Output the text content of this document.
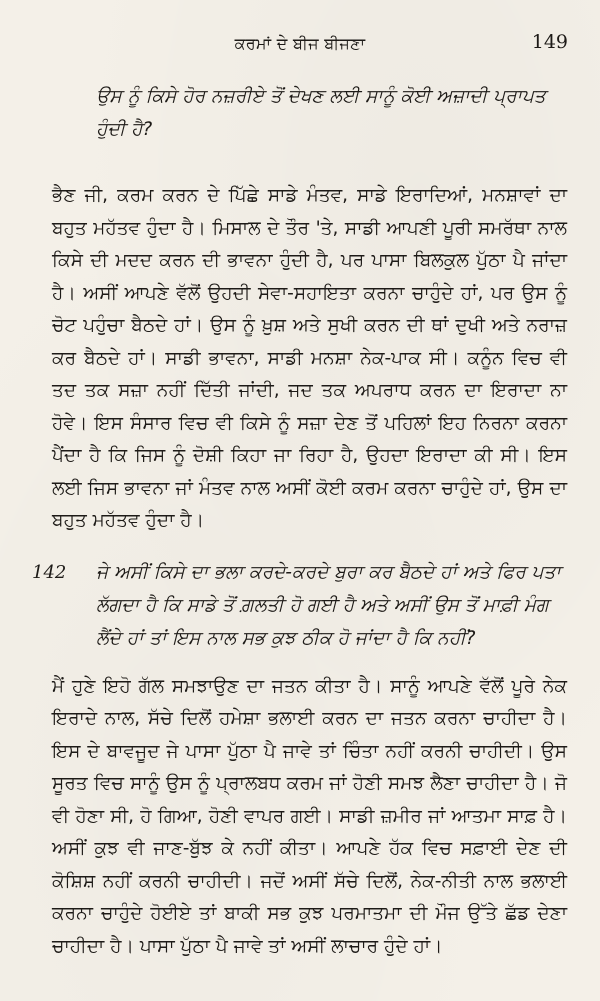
ਕਰਮਾਂ ਦੇ ਬੀਜ ਬੀਜਣਾ	149
ਉਸ ਨੂੰ ਕਿਸੇ ਹੋਰ ਨਜ਼ਰੀਏ ਤੋਂ ਦੇਖਣ ਲਈ ਸਾਨੂੰ ਕੋਈ ਅਜ਼ਾਦੀ ਪ੍ਰਾਪਤ ਹੁੰਦੀ ਹੈ?

ਭੈਣ ਜੀ, ਕਰਮ ਕਰਨ ਦੇ ਪਿੱਛੇ ਸਾਡੇ ਮੰਤਵ, ਸਾਡੇ ਇਰਾਦਿਆਂ, ਮਨਸ਼ਾਵਾਂ ਦਾ ਬਹੁਤ ਮਹੱਤਵ ਹੁੰਦਾ ਹੈ। ਮਿਸਾਲ ਦੇ ਤੌਰ 'ਤੇ, ਸਾਡੀ ਆਪਣੀ ਪੂਰੀ ਸਮਰੱਥਾ ਨਾਲ ਕਿਸੇ ਦੀ ਮਦਦ ਕਰਨ ਦੀ ਭਾਵਨਾ ਹੁੰਦੀ ਹੈ, ਪਰ ਪਾਸਾ ਬਿਲਕੁਲ ਪੁੱਠਾ ਪੈ ਜਾਂਦਾ ਹੈ। ਅਸੀਂ ਆਪਣੇ ਵੱਲੋਂ ਉਹਦੀ ਸੇਵਾ-ਸਹਾਇਤਾ ਕਰਨਾ ਚਾਹੁੰਦੇ ਹਾਂ, ਪਰ ਉਸ ਨੂੰ ਚੋਟ ਪਹੁੰਚਾ ਬੈਠਦੇ ਹਾਂ। ਉਸ ਨੂੰ ਖ਼ੁਸ਼ ਅਤੇ ਸੁਖੀ ਕਰਨ ਦੀ ਥਾਂ ਦੁਖੀ ਅਤੇ ਨਰਾਜ਼ ਕਰ ਬੈਠਦੇ ਹਾਂ। ਸਾਡੀ ਭਾਵਨਾ, ਸਾਡੀ ਮਨਸ਼ਾ ਨੇਕ-ਪਾਕ ਸੀ। ਕਨੂੰਨ ਵਿਚ ਵੀ ਤਦ ਤਕ ਸਜ਼ਾ ਨਹੀਂ ਦਿੱਤੀ ਜਾਂਦੀ, ਜਦ ਤਕ ਅਪਰਾਧ ਕਰਨ ਦਾ ਇਰਾਦਾ ਨਾ ਹੋਵੇ। ਇਸ ਸੰਸਾਰ ਵਿਚ ਵੀ ਕਿਸੇ ਨੂੰ ਸਜ਼ਾ ਦੇਣ ਤੋਂ ਪਹਿਲਾਂ ਇਹ ਨਿਰਨਾ ਕਰਨਾ ਪੈਂਦਾ ਹੈ ਕਿ ਜਿਸ ਨੂੰ ਦੋਸ਼ੀ ਕਿਹਾ ਜਾ ਰਿਹਾ ਹੈ, ਉਹਦਾ ਇਰਾਦਾ ਕੀ ਸੀ। ਇਸ ਲਈ ਜਿਸ ਭਾਵਨਾ ਜਾਂ ਮੰਤਵ ਨਾਲ ਅਸੀਂ ਕੋਈ ਕਰਮ ਕਰਨਾ ਚਾਹੁੰਦੇ ਹਾਂ, ਉਸ ਦਾ ਬਹੁਤ ਮਹੱਤਵ ਹੁੰਦਾ ਹੈ।

142 ਜੇ ਅਸੀਂ ਕਿਸੇ ਦਾ ਭਲਾ ਕਰਦੇ-ਕਰਦੇ ਬੁਰਾ ਕਰ ਬੈਠਦੇ ਹਾਂ ਅਤੇ ਫਿਰ ਪਤਾ ਲੱਗਦਾ ਹੈ ਕਿ ਸਾਡੇ ਤੋਂ ਗ਼ਲਤੀ ਹੋ ਗਈ ਹੈ ਅਤੇ ਅਸੀਂ ਉਸ ਤੋਂ ਮਾਫ਼ੀ ਮੰਗ ਲੈਂਦੇ ਹਾਂ ਤਾਂ ਇਸ ਨਾਲ ਸਭ ਕੁਝ ਠੀਕ ਹੋ ਜਾਂਦਾ ਹੈ ਕਿ ਨਹੀਂ?

ਮੈਂ ਹੁਣੇ ਇਹੋ ਗੱਲ ਸਮਝਾਉਣ ਦਾ ਜਤਨ ਕੀਤਾ ਹੈ। ਸਾਨੂੰ ਆਪਣੇ ਵੱਲੋਂ ਪੂਰੇ ਨੇਕ ਇਰਾਦੇ ਨਾਲ, ਸੱਚੇ ਦਿਲੋਂ ਹਮੇਸ਼ਾ ਭਲਾਈ ਕਰਨ ਦਾ ਜਤਨ ਕਰਨਾ ਚਾਹੀਦਾ ਹੈ। ਇਸ ਦੇ ਬਾਵਜੂਦ ਜੇ ਪਾਸਾ ਪੁੱਠਾ ਪੈ ਜਾਵੇ ਤਾਂ ਚਿੰਤਾ ਨਹੀਂ ਕਰਨੀ ਚਾਹੀਦੀ। ਉਸ ਸੂਰਤ ਵਿਚ ਸਾਨੂੰ ਉਸ ਨੂੰ ਪ੍ਰਾਲਬਧ ਕਰਮ ਜਾਂ ਹੋਣੀ ਸਮਝ ਲੈਣਾ ਚਾਹੀਦਾ ਹੈ। ਜੋ ਵੀ ਹੋਣਾ ਸੀ, ਹੋ ਗਿਆ, ਹੋਣੀ ਵਾਪਰ ਗਈ। ਸਾਡੀ ਜ਼ਮੀਰ ਜਾਂ ਆਤਮਾ ਸਾਫ਼ ਹੈ। ਅਸੀਂ ਕੁਝ ਵੀ ਜਾਣ-ਬੁੱਝ ਕੇ ਨਹੀਂ ਕੀਤਾ। ਆਪਣੇ ਹੱਕ ਵਿਚ ਸਫ਼ਾਈ ਦੇਣ ਦੀ ਕੋਸ਼ਿਸ਼ ਨਹੀਂ ਕਰਨੀ ਚਾਹੀਦੀ। ਜਦੋਂ ਅਸੀਂ ਸੱਚੇ ਦਿਲੋਂ, ਨੇਕ-ਨੀਤੀ ਨਾਲ ਭਲਾਈ ਕਰਨਾ ਚਾਹੁੰਦੇ ਹੋਈਏ ਤਾਂ ਬਾਕੀ ਸਭ ਕੁਝ ਪਰਮਾਤਮਾ ਦੀ ਮੌਜ ਉੱਤੇ ਛੱਡ ਦੇਣਾ ਚਾਹੀਦਾ ਹੈ। ਪਾਸਾ ਪੁੱਠਾ ਪੈ ਜਾਵੇ ਤਾਂ ਅਸੀਂ ਲਾਚਾਰ ਹੁੰਦੇ ਹਾਂ।
